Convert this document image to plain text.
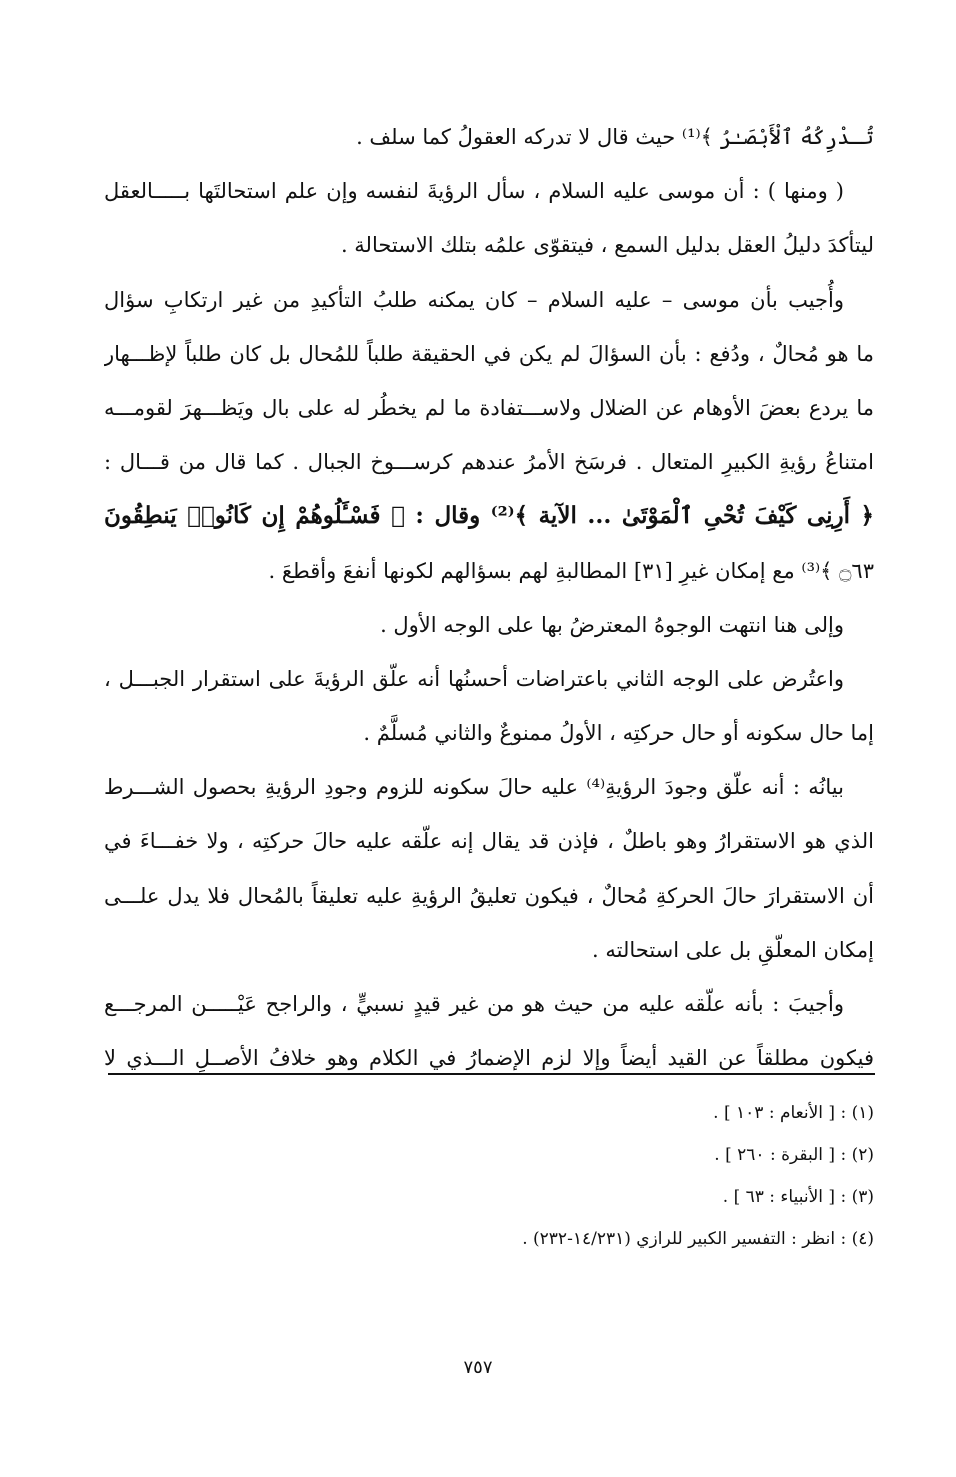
تُـدْرِكُهُ ٱلْأَبْصَـٰرُ ﴾⁽¹⁾ حيث قال لا تدركه العقولُ كما سلف .
( ومنها ) : أن موسى عليه السلام ، سأل الرؤيةَ لنفسه وإن علم استحالتَها بـــــالعقل
ليتأكدَ دليلُ العقل بدليل السمع ، فيتقوّى علمُه بتلك الاستحالة .
وأُجيب بأن موسى – عليه السلام – كان يمكنه طلبُ التأكيدِ من غير ارتكابِ سؤال
ما هو مُحالٌ ، ودُفع : بأن السؤالَ لم يكن في الحقيقة طلباً للمُحال بل كان طلباً لإظـــهار
ما يردع بعضَ الأوهام عن الضلال ولاســـتفادة ما لم يخطُر له على بال ويَظـــهرَ لقومـــه
امتناعُ رؤيةِ الكبيرِ المتعال . فرسَخ الأمرُ عندهم كرســـوخ الجبال . كما قال من قـــال :
﴿ أَرِنِى كَيْفَ تُحْىِ ٱلْمَوْتَىٰ ... الآية ﴾⁽²⁾ وقال : ﴿ فَسْـَٔلُوهُمْ إِن كَانُوا۟ يَنطِقُونَ
۝٦٣ ﴾⁽³⁾ مع إمكان غيرِ [٣١] المطالبةِ لهم بسؤالهم لكونها أنفعَ وأقطعَ .
وإلى هنا انتهت الوجوهُ المعترضُ بها على الوجه الأول .
واعتُرض على الوجه الثاني باعتراضات أحسنُها أنه علّق الرؤيةَ على استقرار الجبـــل ،
إما حال سكونه أو حال حركتِه ، الأولُ ممنوعٌ والثاني مُسلَّمٌ .
بيانُه : أنه علّق وجودَ الرؤيةِ⁽⁴⁾ عليه حالَ سكونه للزوم وجودِ الرؤيةِ بحصول الشـــرط
الذي هو الاستقرارُ وهو باطلٌ ، فإذن قد يقال إنه علّقه عليه حالَ حركتِه ، ولا خفـــاءَ في
أن الاستقرارَ حالَ الحركةِ مُحالٌ ، فيكون تعليقُ الرؤيةِ عليه تعليقاً بالمُحال فلا يدل علـــى
إمكان المعلّقِ بل على استحالته .
وأجيبَ : بأنه علّقه عليه من حيث هو من غير قيدٍ نسبيٍّ ، والراجح عَيْـــــن المرجـــع
فيكون مطلقاً عن القيد أيضاً وإلا لزم الإضمارُ في الكلام وهو خلافُ الأصــلِ الـــذي لا
(١) : [ الأنعام : ١٠٣ ] .
(٢) : [ البقرة : ٢٦٠ ] .
(٣) : [ الأنبياء : ٦٣ ] .
(٤) : انظر : التفسير الكبير للرازي (١٤/٢٣١-٢٣٢) .
٧٥٧
